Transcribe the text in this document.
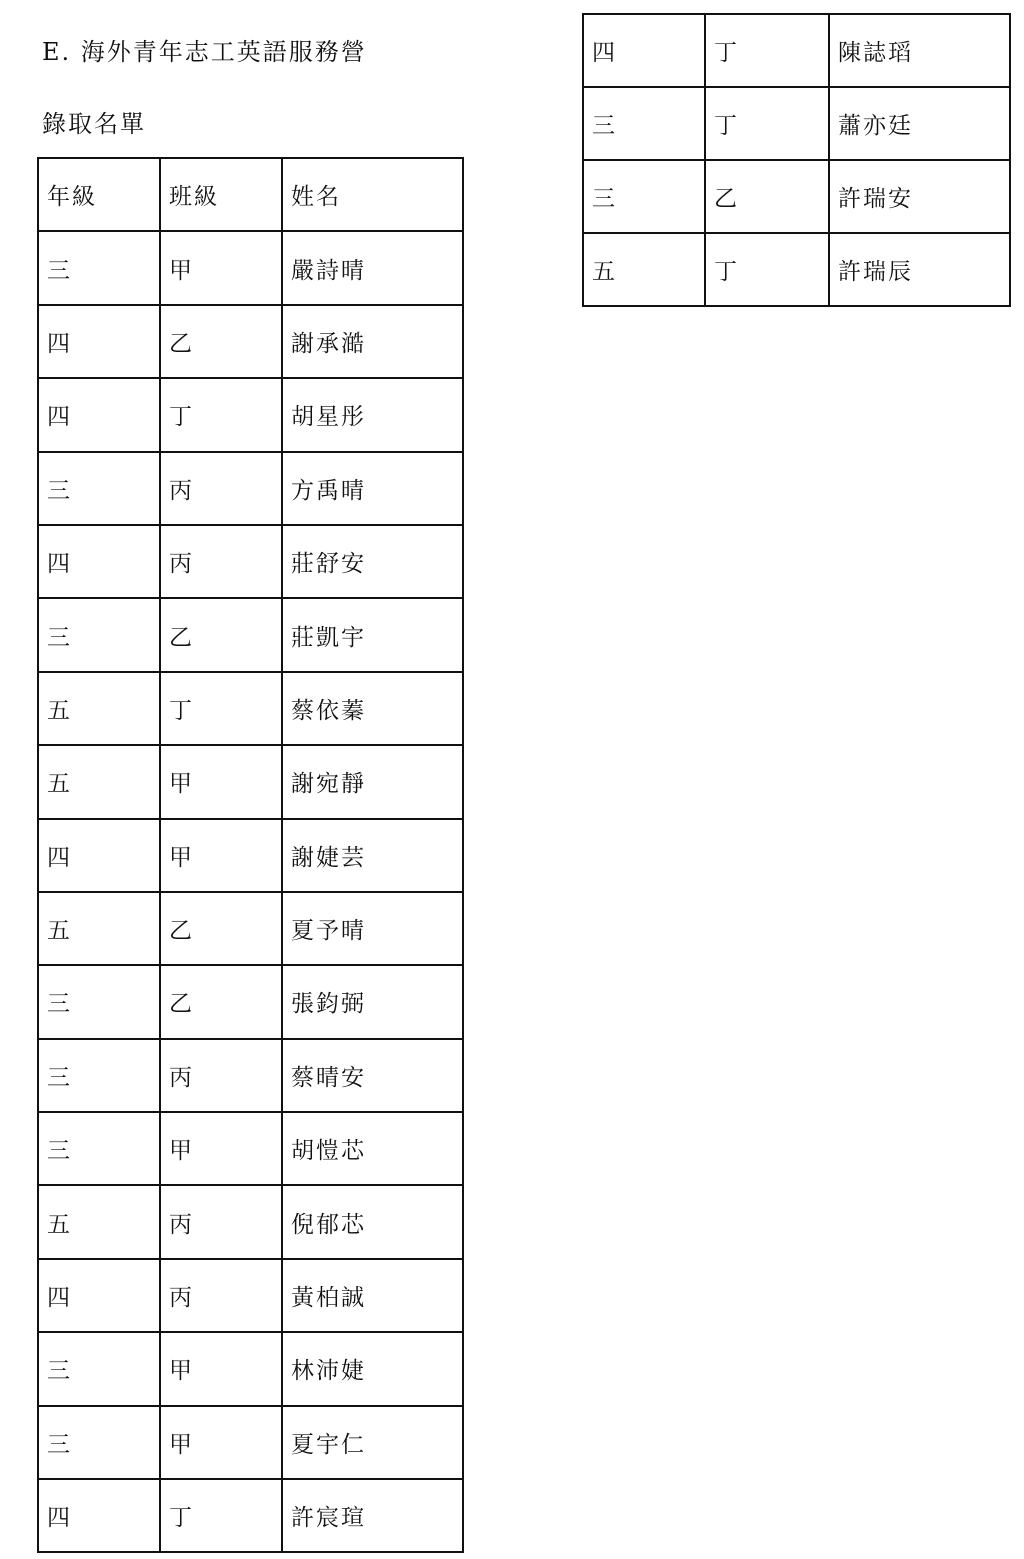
E. 海外青年志工英語服務營
錄取名單
年級	班級	姓名
三	甲	嚴詩晴
四	乙	謝承澔
四	丁	胡星彤
三	丙	方禹晴
四	丙	莊舒安
三	乙	莊凱宇
五	丁	蔡依蓁
五	甲	謝宛靜
四	甲	謝婕芸
五	乙	夏予晴
三	乙	張鈞弼
三	丙	蔡晴安
三	甲	胡愷芯
五	丙	倪郁芯
四	丙	黃柏誠
三	甲	林沛婕
三	甲	夏宇仁
四	丁	許宸瑄
四	丁	陳誌瑫
三	丁	蕭亦廷
三	乙	許瑞安
五	丁	許瑞辰
